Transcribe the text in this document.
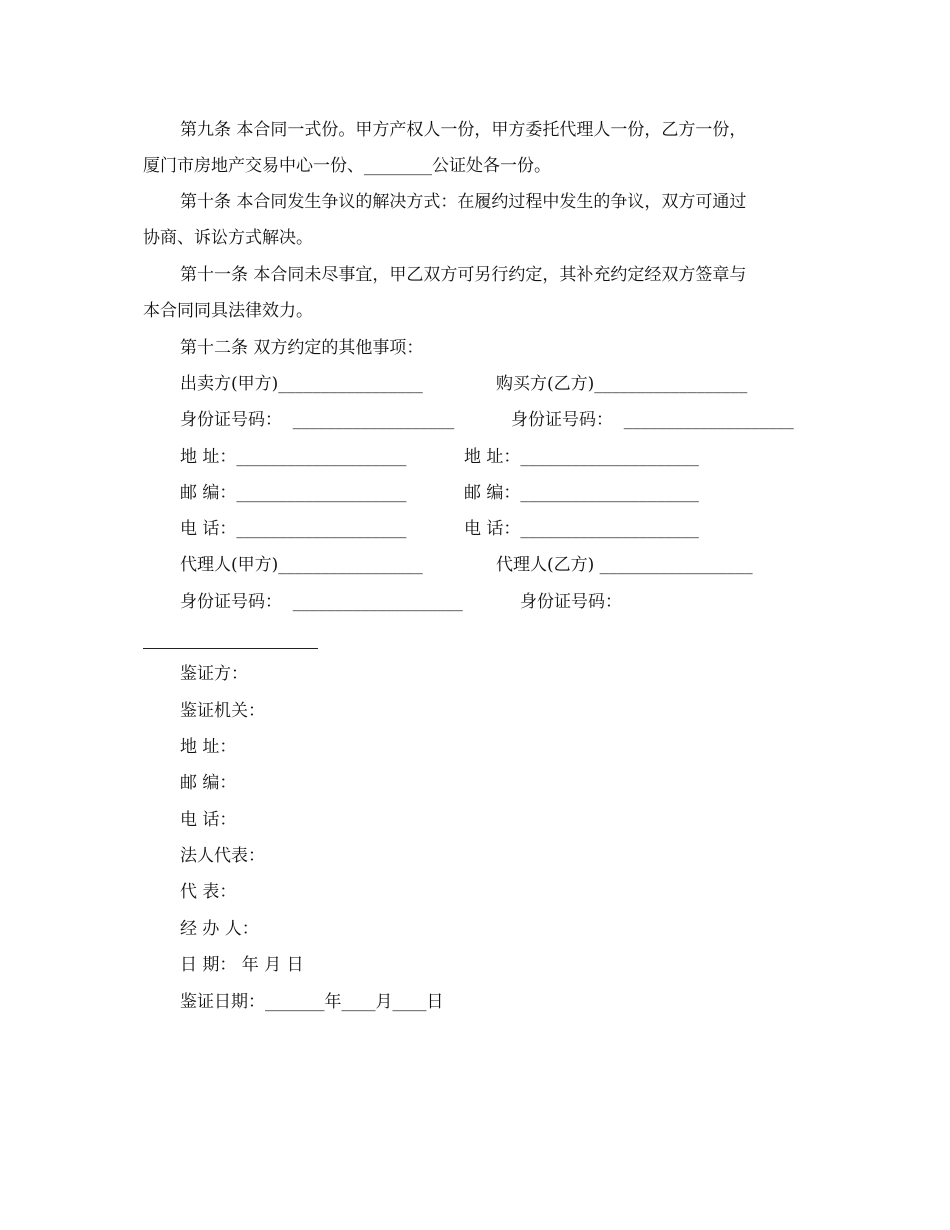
第九条 本合同一式份。甲方产权人一份，甲方委托代理人一份，乙方一份，
厦门市房地产交易中心一份、________公证处各一份。
第十条 本合同发生争议的解决方式：在履约过程中发生的争议，双方可通过
协商、诉讼方式解决。
第十一条 本合同未尽事宜，甲乙双方可另行约定，其补充约定经双方签章与
本合同同具法律效力。
第十二条 双方约定的其他事项：
出卖方(甲方)_________________	购买方(乙方)__________________
身份证号码：  ___________________	身份证号码：  ____________________
地 址：____________________	地 址：_____________________
邮 编：____________________	邮 编：_____________________
电 话：____________________	电 话：_____________________
代理人(甲方)_________________	代理人(乙方) __________________
身份证号码：  ____________________	身份证号码：
鉴证方：
鉴证机关：
地 址：
邮 编：
电 话：
法人代表：
代 表：
经 办 人：
日 期： 年 月 日
鉴证日期：_______年____月____日
